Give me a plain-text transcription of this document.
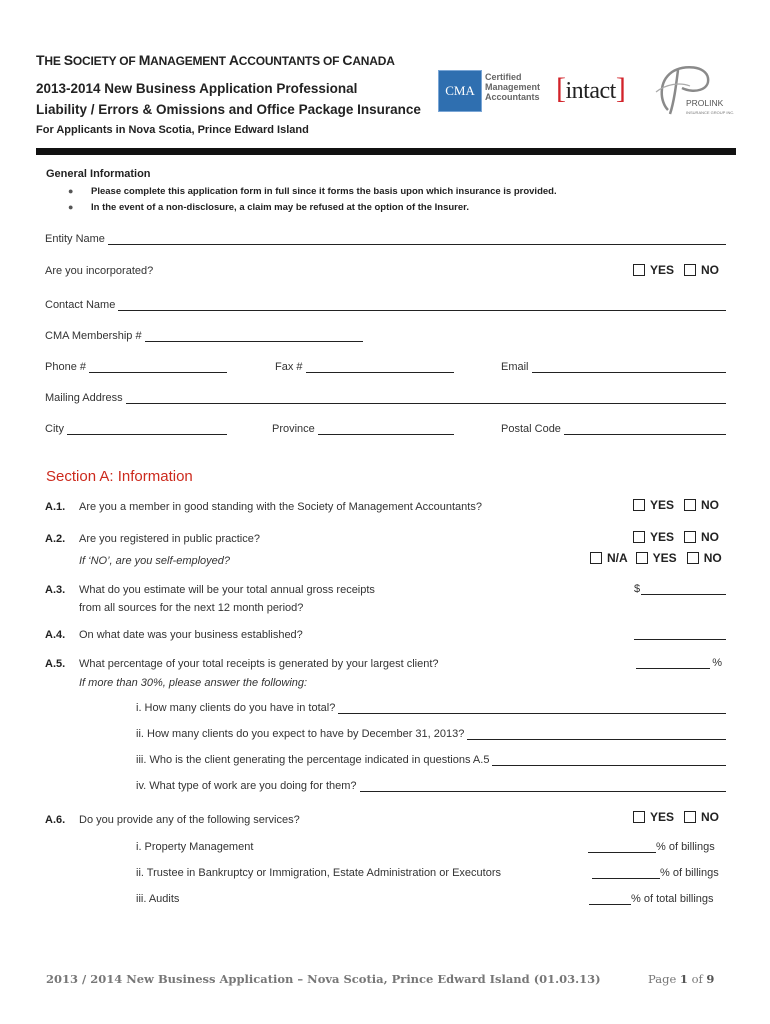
THE SOCIETY OF MANAGEMENT ACCOUNTANTS OF CANADA
2013-2014 New Business Application Professional
Liability / Errors & Omissions and Office Package Insurance
For Applicants in Nova Scotia, Prince Edward Island
CMA
Certified
Management
Accountants [intact]	PROLINK
INSURANCE GROUP INC.
General Information
● Please complete this application form in full since it forms the basis upon which insurance is provided.
● In the event of a non-disclosure, a claim may be refused at the option of the Insurer.
Entity Name
Are you incorporated?	YES NO
Contact Name
CMA Membership #
Phone #	Fax #	Email
Mailing Address
City	Province	Postal Code
Section A: Information
A.1. Are you a member in good standing with the Society of Management Accountants?	YES NO
A.2. Are you registered in public practice?	YES NO
If ‘NO’, are you self-employed?	N/A YES NO
A.3. What do you estimate will be your total annual gross receipts
from all sources for the next 12 month period?
$
A.4. On what date was your business established?
A.5. What percentage of your total receipts is generated by your largest client?	%
If more than 30%, please answer the following:
i. How many clients do you have in total?
ii. How many clients do you expect to have by December 31, 2013?
iii. Who is the client generating the percentage indicated in questions A.5
iv. What type of work are you doing for them?
A.6. Do you provide any of the following services?	YES NO
i. Property Management	% of billings
ii. Trustee in Bankruptcy or Immigration, Estate Administration or Executors	% of billings
iii. Audits	% of total billings
2013 / 2014 New Business Application – Nova Scotia, Prince Edward Island (01.03.13)	Page 1 of 9
